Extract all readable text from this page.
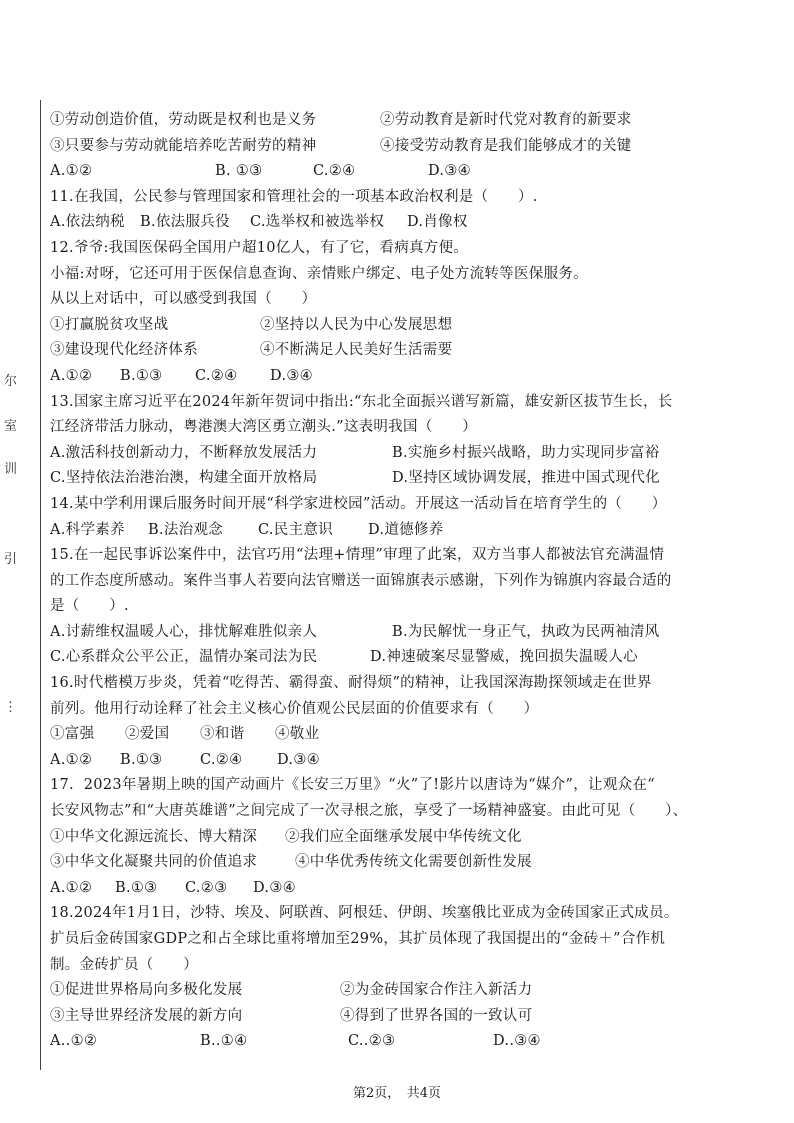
尔
室
训
引
⋮
①劳动创造价值，劳动既是权利也是义务	②劳动教育是新时代党对教育的新要求
③只要参与劳动就能培养吃苦耐劳的精神	④接受劳动教育是我们能够成才的关键
A.①②	B. ①③	C.②④	D.③④
11.在我国，公民参与管理国家和管理社会的一项基本政治权利是（　　）.
A.依法纳税	B.依法服兵役	C.选举权和被选举权	D.肖像权
12.爷爷:我国医保码全国用户超10亿人，有了它，看病真方便。
小福:对呀，它还可用于医保信息查询、亲情账户绑定、电子处方流转等医保服务。
从以上对话中，可以感受到我国（　　）
①打赢脱贫攻坚战	②坚持以人民为中心发展思想
③建设现代化经济体系	④不断满足人民美好生活需要
A.①②	B.①③	C.②④	D.③④
13.国家主席习近平在2024年新年贺词中指出:“东北全面振兴谱写新篇，雄安新区拔节生长，长
江经济带活力脉动，粤港澳大湾区勇立潮头.”这表明我国（　　）
A.激活科技创新动力，不断释放发展活力	B.实施乡村振兴战略，助力实现同步富裕
C.坚持依法治港治澳，构建全面开放格局	D.坚持区域协调发展，推进中国式现代化
14.某中学利用课后服务时间开展“科学家进校园”活动。开展这一活动旨在培育学生的（　　）
A.科学素养	B.法治观念	C.民主意识	D.道德修养
15.在一起民事诉讼案件中，法官巧用“法理+情理”审理了此案，双方当事人都被法官充满温情
的工作态度所感动。案件当事人若要向法官赠送一面锦旗表示感谢，下列作为锦旗内容最合适的
是（　　）.
A.讨薪维权温暖人心，排忧解难胜似亲人	B.为民解忧一身正气，执政为民两袖清风
C.心系群众公平公正，温情办案司法为民	D.神速破案尽显警威，挽回损失温暖人心
16.时代楷模万步炎，凭着“吃得苦、霸得蛮、耐得烦”的精神，让我国深海勘探领域走在世界
前列。他用行动诠释了社会主义核心价值观公民层面的价值要求有（　　）
①富强	②爱国	③和谐	④敬业
A.①②	B.①③	C.②④	D.③④
17.  2023年暑期上映的国产动画片《长安三万里》“火”了!影片以唐诗为“媒介”，让观众在“
长安风物志”和“大唐英雄谱”之间完成了一次寻根之旅，享受了一场精神盛宴。由此可见（　　）、
①中华文化源远流长、博大精深	②我们应全面继承发展中华传统文化
③中华文化凝聚共同的价值追求	④中华优秀传统文化需要创新性发展
A.①②	B.①③	C.②③	D.③④
18.2024年1月1日，沙特、埃及、阿联酋、阿根廷、伊朗、埃塞俄比亚成为金砖国家正式成员。
扩员后金砖国家GDP之和占全球比重将增加至29%，其扩员体现了我国提出的“金砖＋”合作机
制。金砖扩员（　　）
①促进世界格局向多极化发展	②为金砖国家合作注入新活力
③主导世界经济发展的新方向	④得到了世界各国的一致认可
A..①②	B..①④	C..②③	D..③④
第2页，　共4页
